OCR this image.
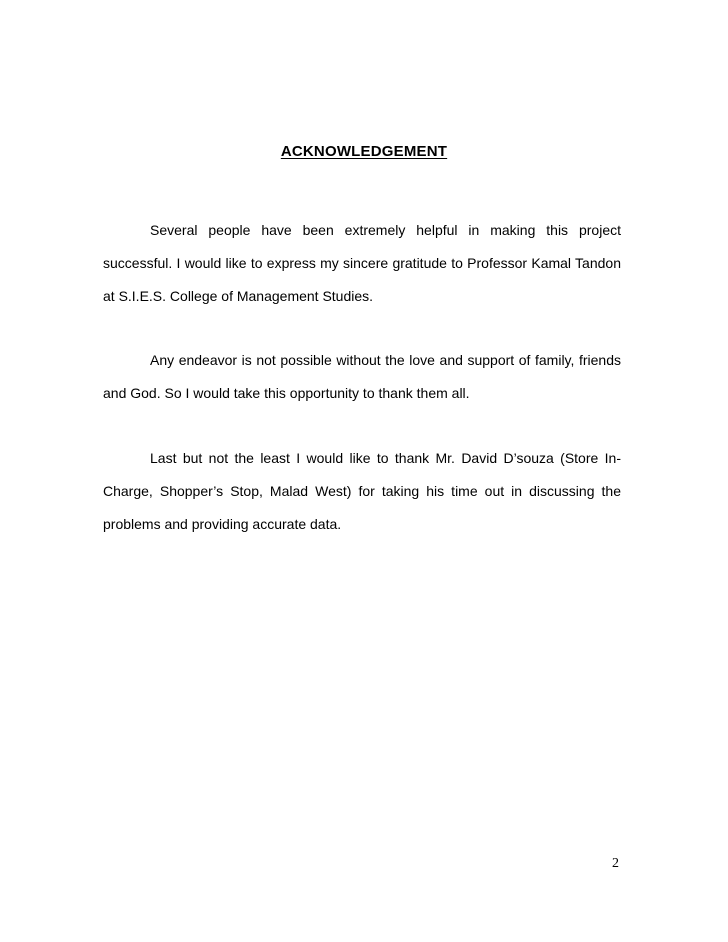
ACKNOWLEDGEMENT

Several people have been extremely helpful in making this project successful. I would like to express my sincere gratitude to Professor Kamal Tandon at S.I.E.S. College of Management Studies.

Any endeavor is not possible without the love and support of family, friends and God. So I would take this opportunity to thank them all.

Last but not the least I would like to thank Mr. David D’souza (Store In-Charge, Shopper’s Stop, Malad West) for taking his time out in discussing the problems and providing accurate data.

2
